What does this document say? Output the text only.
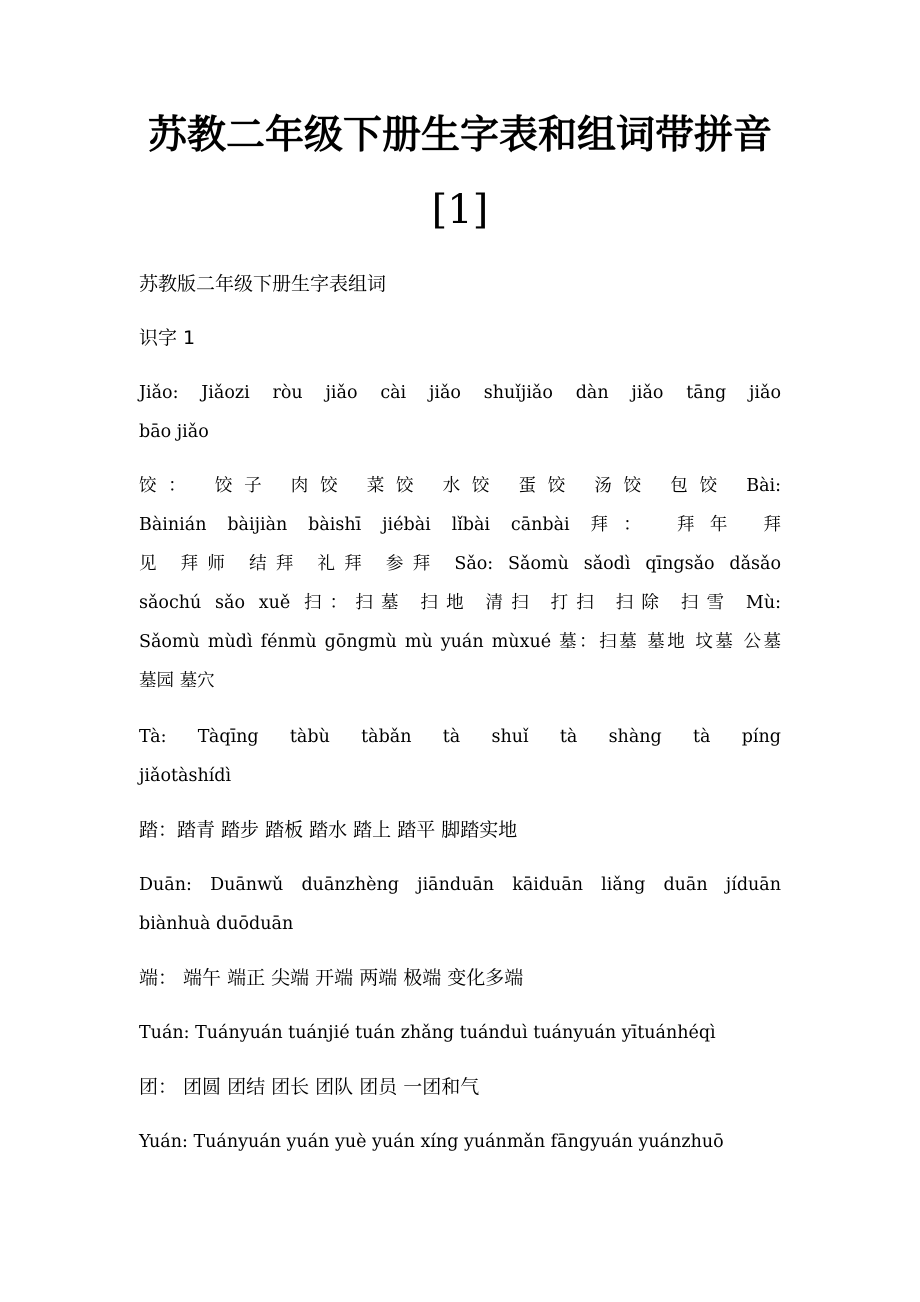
苏教二年级下册生字表和组词带拼音
[1]

苏教版二年级下册生字表组词

识字 1

Jiǎo: Jiǎozi ròu jiǎo cài jiǎo shuǐjiǎo dàn jiǎo tāng jiǎo
bāo jiǎo
饺： 饺子 肉饺 菜饺 水饺 蛋饺 汤饺 包饺 Bài:
Bàinián bàijiàn bàishī jiébài lǐbài cānbài 拜： 拜年 拜
见 拜师 结拜 礼拜 参拜 Sǎo: Sǎomù sǎodì qīngsǎo dǎsǎo
sǎochú sǎo xuě 扫：扫墓 扫地 清扫 打扫 扫除 扫雪 Mù:
Sǎomù mùdì fénmù gōngmù mù yuán mùxué 墓：扫墓 墓地 坟墓 公墓
墓园 墓穴
Tà: Tàqīng tàbù tàbǎn tà shuǐ tà shàng tà píng
jiǎotàshídì
踏：踏青 踏步 踏板 踏水 踏上 踏平 脚踏实地
Duān: Duānwǔ duānzhèng jiānduān kāiduān liǎng duān jíduān
biànhuà duōduān
端： 端午 端正 尖端 开端 两端 极端 变化多端
Tuán: Tuányuán tuánjié tuán zhǎng tuánduì tuányuán yītuánhéqì
团： 团圆 团结 团长 团队 团员 一团和气
Yuán: Tuányuán yuán yuè yuán xíng yuánmǎn fāngyuán yuánzhuō
